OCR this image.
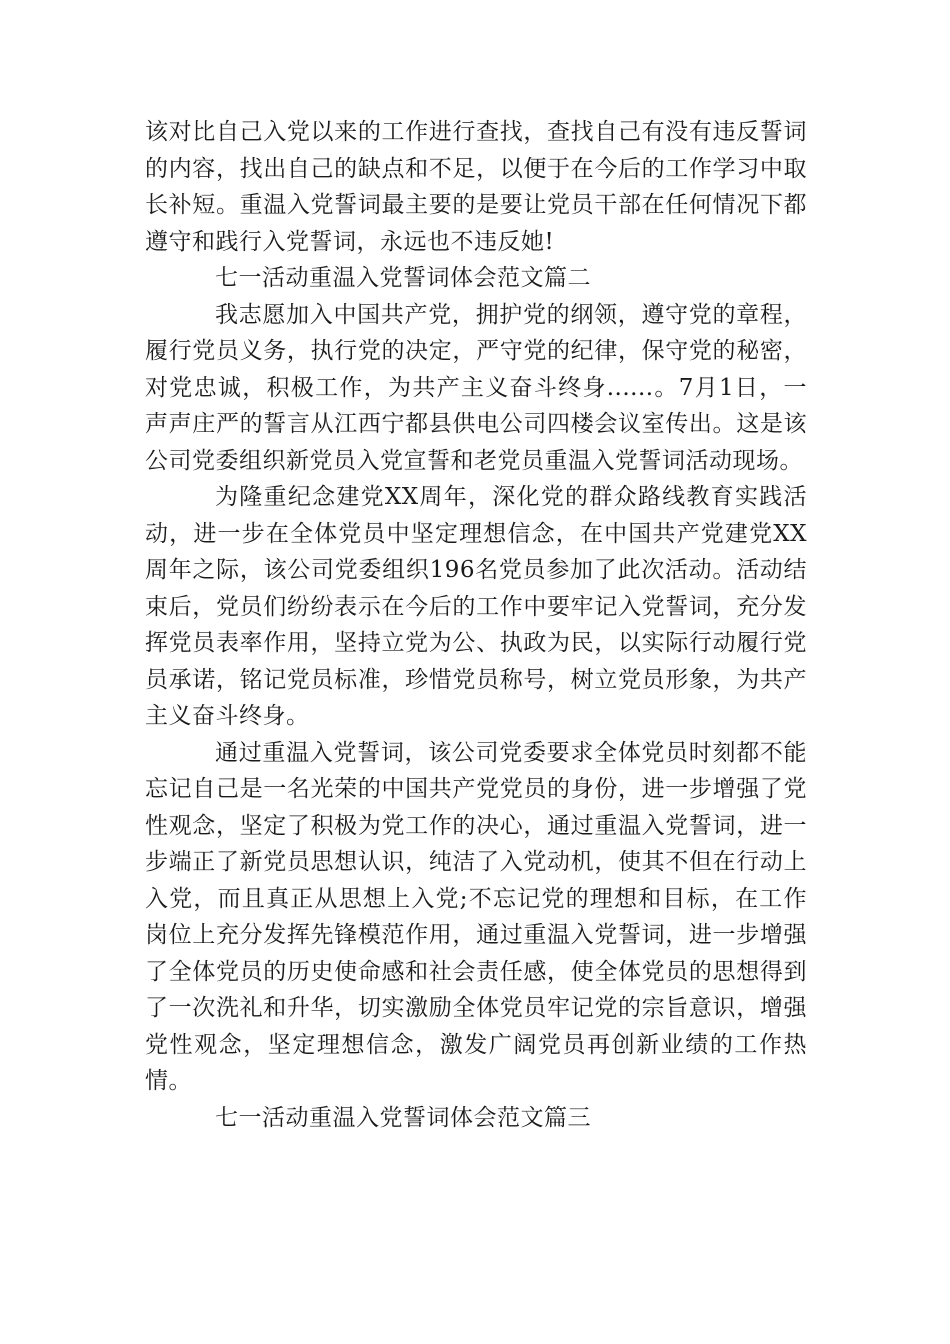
该对比自己入党以来的工作进行查找，查找自己有没有违反誓词的内容，找出自己的缺点和不足，以便于在今后的工作学习中取长补短。重温入党誓词最主要的是要让党员干部在任何情况下都遵守和践行入党誓词，永远也不违反她!

七一活动重温入党誓词体会范文篇二

我志愿加入中国共产党，拥护党的纲领，遵守党的章程，履行党员义务，执行党的决定，严守党的纪律，保守党的秘密，对党忠诚，积极工作，为共产主义奋斗终身......。7月1日，一声声庄严的誓言从江西宁都县供电公司四楼会议室传出。这是该公司党委组织新党员入党宣誓和老党员重温入党誓词活动现场。

为隆重纪念建党XX周年，深化党的群众路线教育实践活动，进一步在全体党员中坚定理想信念，在中国共产党建党XX周年之际，该公司党委组织196名党员参加了此次活动。活动结束后，党员们纷纷表示在今后的工作中要牢记入党誓词，充分发挥党员表率作用，坚持立党为公、执政为民，以实际行动履行党员承诺，铭记党员标准，珍惜党员称号，树立党员形象，为共产主义奋斗终身。

通过重温入党誓词，该公司党委要求全体党员时刻都不能忘记自己是一名光荣的中国共产党党员的身份，进一步增强了党性观念，坚定了积极为党工作的决心，通过重温入党誓词，进一步端正了新党员思想认识，纯洁了入党动机，使其不但在行动上入党，而且真正从思想上入党;不忘记党的理想和目标，在工作岗位上充分发挥先锋模范作用，通过重温入党誓词，进一步增强了全体党员的历史使命感和社会责任感，使全体党员的思想得到了一次洗礼和升华，切实激励全体党员牢记党的宗旨意识，增强党性观念，坚定理想信念，激发广阔党员再创新业绩的工作热情。

七一活动重温入党誓词体会范文篇三
